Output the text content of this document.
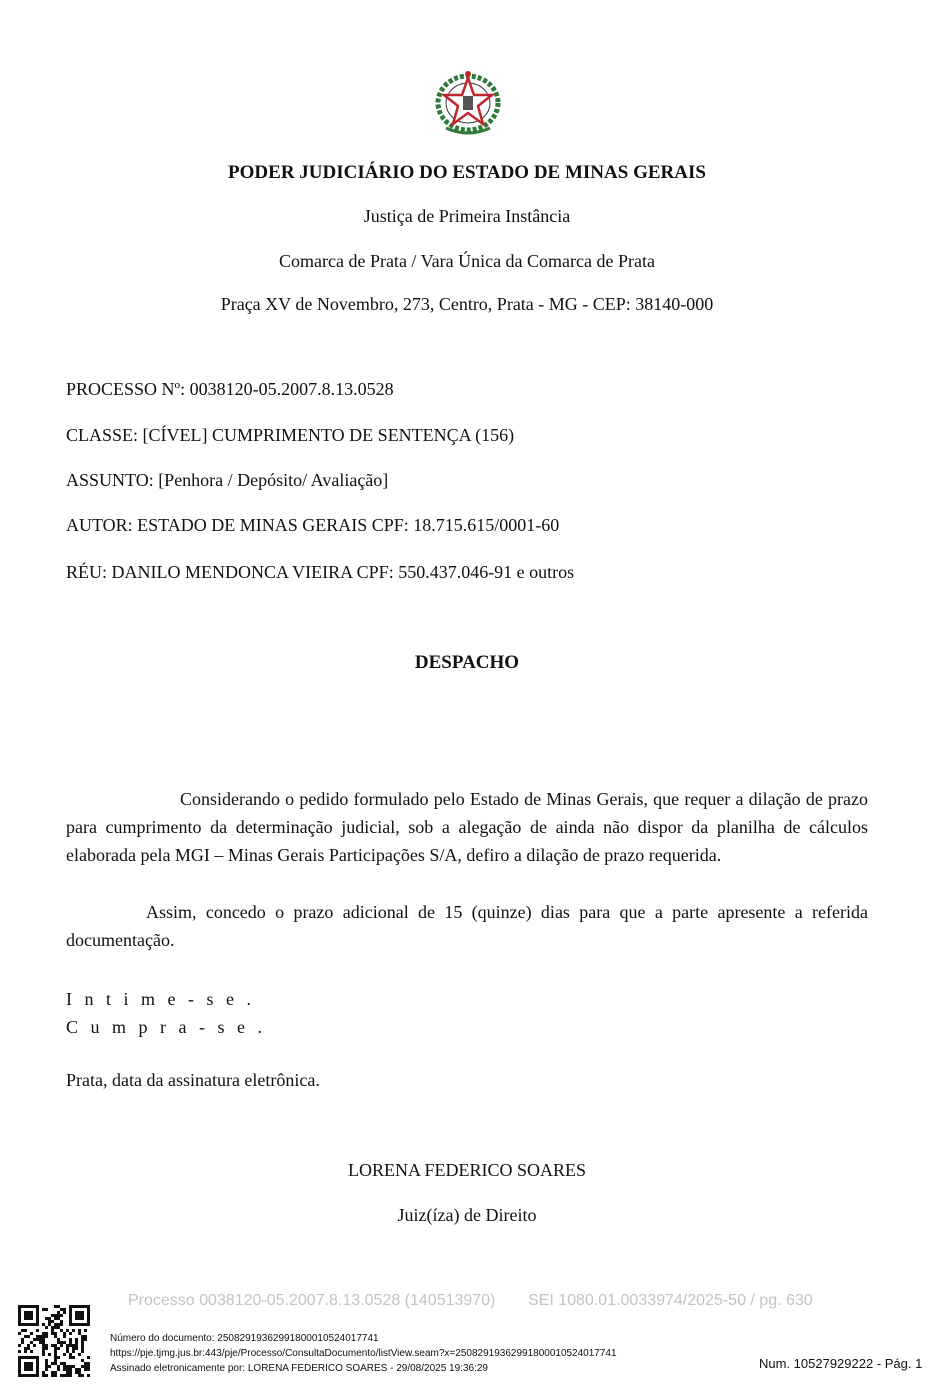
PODER JUDICIÁRIO DO ESTADO DE MINAS GERAIS
Justiça de Primeira Instância
Comarca de Prata / Vara Única da Comarca de Prata
Praça XV de Novembro, 273, Centro, Prata - MG - CEP: 38140-000
PROCESSO Nº: 0038120-05.2007.8.13.0528
CLASSE: [CÍVEL] CUMPRIMENTO DE SENTENÇA (156)
ASSUNTO: [Penhora / Depósito/ Avaliação]
AUTOR: ESTADO DE MINAS GERAIS CPF: 18.715.615/0001-60
RÉU: DANILO MENDONCA VIEIRA CPF: 550.437.046-91 e outros
DESPACHO
Considerando o pedido formulado pelo Estado de Minas Gerais, que requer a dilação de prazo para cumprimento da determinação judicial, sob a alegação de ainda não dispor da planilha de cálculos elaborada pela MGI – Minas Gerais Participações S/A, defiro a dilação de prazo requerida.
Assim, concedo o prazo adicional de 15 (quinze) dias para que a parte apresente a referida documentação.
Intime-se.
Cumpra-se.
Prata, data da assinatura eletrônica.
LORENA FEDERICO SOARES
Juiz(íza) de Direito
Processo 0038120-05.2007.8.13.0528 (140513970) SEI 1080.01.0033974/2025-50 / pg. 630
Número do documento: 25082919362991800010524017741
https://pje.tjmg.jus.br:443/pje/Processo/ConsultaDocumento/listView.seam?x=25082919362991800010524017741
Assinado eletronicamente por: LORENA FEDERICO SOARES - 29/08/2025 19:36:29	Num. 10527929222 - Pág. 1
